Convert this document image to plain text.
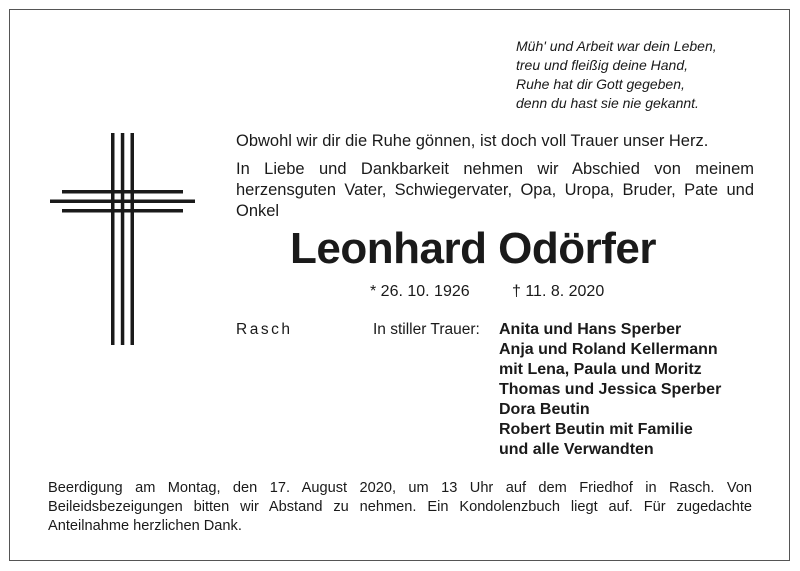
Müh' und Arbeit war dein Leben,
treu und fleißig deine Hand,
Ruhe hat dir Gott gegeben,
denn du hast sie nie gekannt.
Obwohl wir dir die Ruhe gönnen, ist doch voll Trauer unser Herz.
In Liebe und Dankbarkeit nehmen wir Abschied von meinem herzensguten Vater, Schwiegervater, Opa, Uropa, Bruder, Pate und Onkel
Leonhard Odörfer
* 26. 10. 1926	† 11. 8. 2020
Rasch	In stiller Trauer: Anita und Hans Sperber
Anja und Roland Kellermann
mit Lena, Paula und Moritz
Thomas und Jessica Sperber
Dora Beutin
Robert Beutin mit Familie
und alle Verwandten
Beerdigung am Montag, den 17. August 2020, um 13 Uhr auf dem Friedhof in Rasch. Von Beileidsbezeigungen bitten wir Abstand zu nehmen. Ein Kondolenzbuch liegt auf. Für zugedachte Anteilnahme herzlichen Dank.
